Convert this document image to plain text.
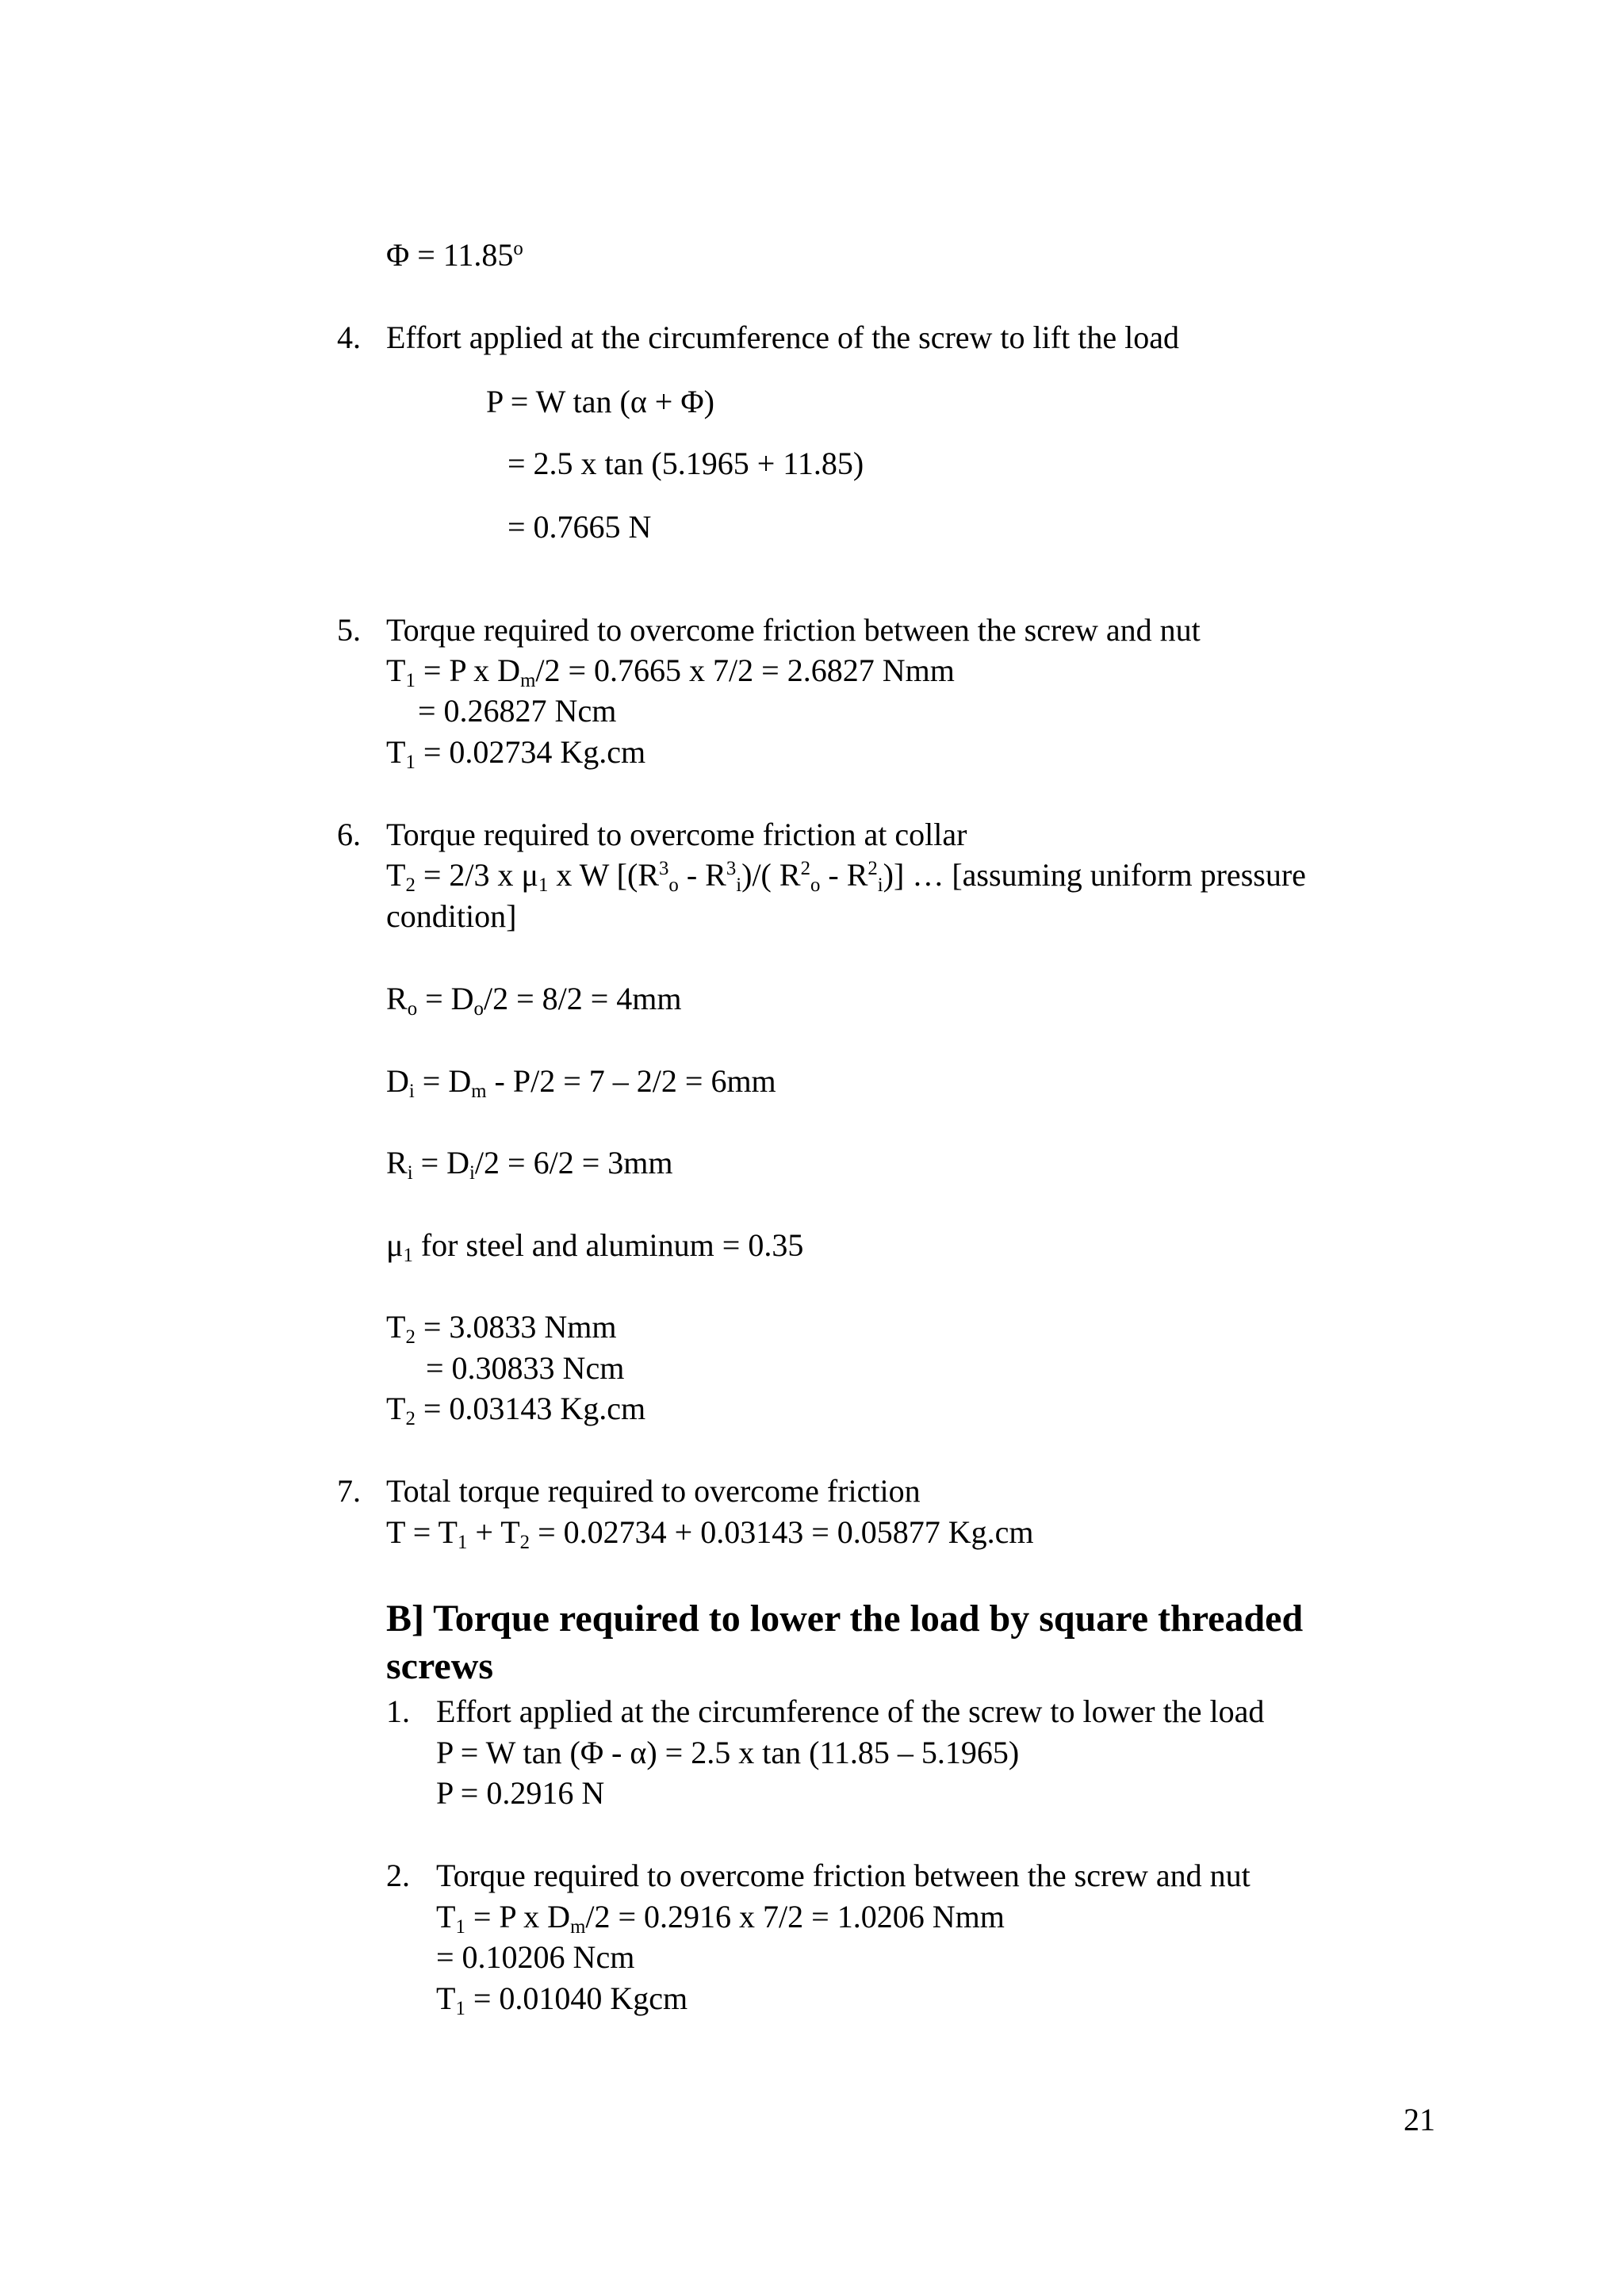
$\Phi = 11.85^o$
4. Effort applied at the circumference of the screw to lift the load
P = W tan (α + Φ)
= 2.5 x tan (5.1965 + 11.85)
= 0.7665 N
5. Torque required to overcome friction between the screw and nut
$T_1 = P$ x $D_m/2 = 0.7665$ x 7/2 = 2.6827 Nmm
= 0.26827 Ncm
$T_1 = 0.02734$ Kg.cm
6. Torque required to overcome friction at collar
$T_2 = 2/3$ x $\mu_1$ x W [$(R^3_o - R^3_i)/$( $R^2_o - R^2_i$)] … [assuming uniform pressure
condition]
$R_o = D_o/2 = 8/2 = 4mm$
$D_i = D_m - P/2 = 7 - 2/2 = 6mm$
$R_i = D_i/2 = 6/2 = 3mm$
$\mu_1$ for steel and aluminum = 0.35
$T_2 = 3.0833$ Nmm
= 0.30833 Ncm
$T_2 = 0.03143$ Kg.cm
7. Total torque required to overcome friction
$T = T_1 + T_2 = 0.02734 + 0.03143 = 0.05877$ Kg.cm
B] Torque required to lower the load by square threaded
screws
1. Effort applied at the circumference of the screw to lower the load
P = W tan (Φ - α) = 2.5 x tan (11.85 – 5.1965)
P = 0.2916 N
2. Torque required to overcome friction between the screw and nut
$T_1 = P$ x $D_m/2 = 0.2916$ x 7/2 = 1.0206 Nmm
= 0.10206 Ncm
$T_1 = 0.01040$ Kgcm
21
